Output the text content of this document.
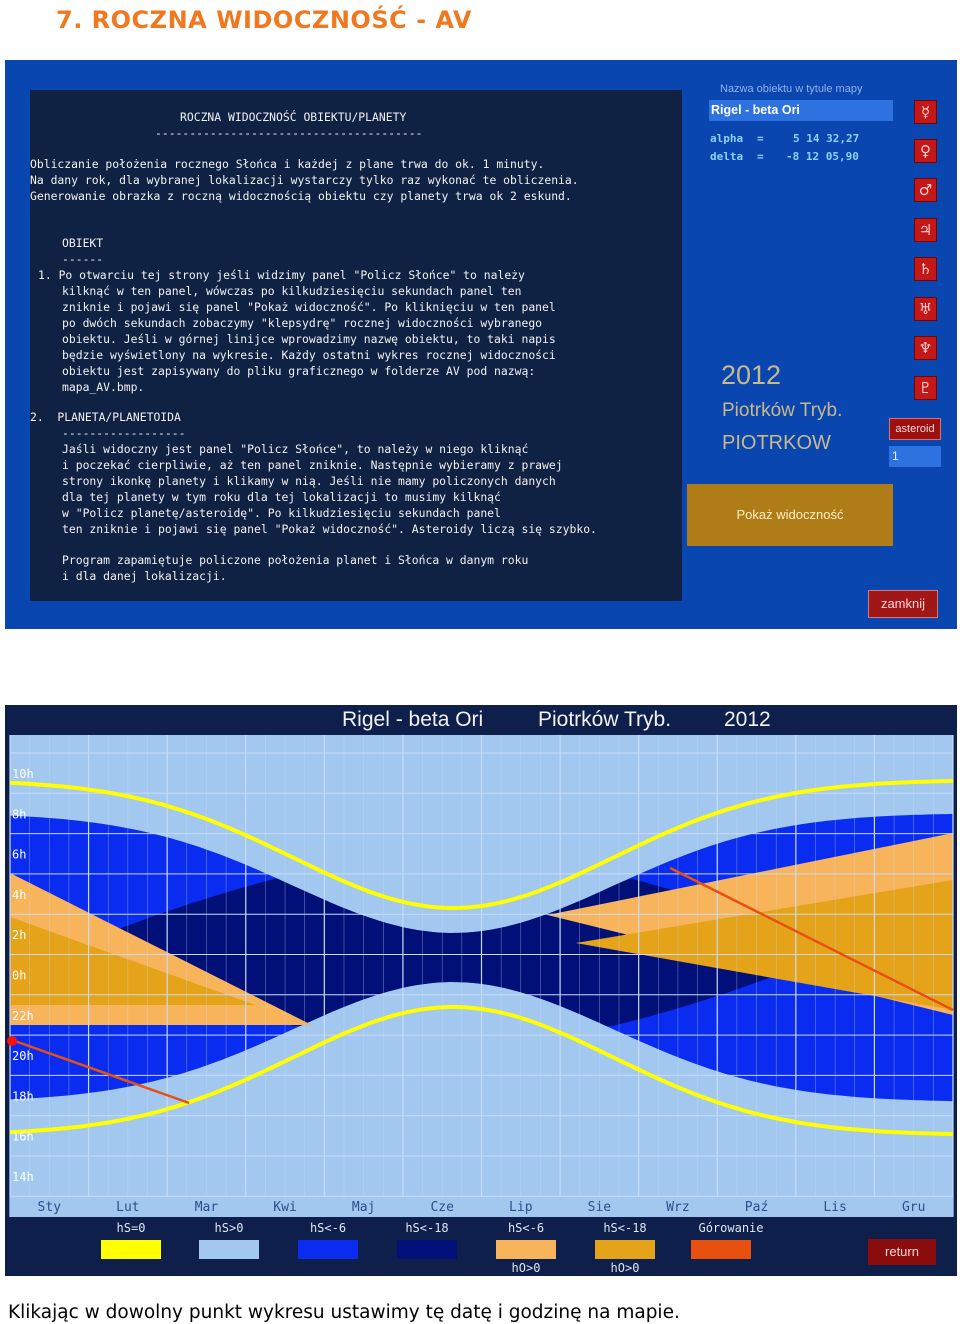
7. ROCZNA WIDOCZNOŚĆ - AV
ROCZNA WIDOCZNOŚĆ OBIEKTU/PLANETY
---------------------------------------
Obliczanie położenia rocznego Słońca i każdej z plane trwa do ok. 1 minuty.
Na dany rok, dla wybranej lokalizacji wystarczy tylko raz wykonać te obliczenia.
Generowanie obrazka z roczną widocznością obiektu czy planety trwa ok 2 eskund.
OBIEKT
------
1. Po otwarciu tej strony jeśli widzimy panel "Policz Słońce" to należy
kilknąć w ten panel, wówczas po kilkudziesięciu sekundach panel ten
zniknie i pojawi się panel "Pokaż widoczność". Po kliknięciu w ten panel
po dwóch sekundach zobaczymy "klepsydrę" rocznej widoczności wybranego
obiektu. Jeśli w górnej linijce wprowadzimy nazwę obiektu, to taki napis
będzie wyświetlony na wykresie. Każdy ostatni wykres rocznej widoczności
obiektu jest zapisywany do pliku graficznego w folderze AV pod nazwą:
mapa_AV.bmp.
2.  PLANETA/PLANETOIDA
------------------
Jaśli widoczny jest panel "Policz Słońce", to należy w niego kliknąć
i poczekać cierpliwie, aż ten panel zniknie. Następnie wybieramy z prawej
strony ikonkę planety i klikamy w nią. Jeśli nie mamy policzonych danych
dla tej planety w tym roku dla tej lokalizacji to musimy kilknąć
w "Policz planetę/asteroidę". Po kilkudziesięciu sekundach panel
ten zniknie i pojawi się panel "Pokaż widoczność". Asteroidy liczą się szybko.
Program zapamiętuje policzone położenia planet i Słońca w danym roku
i dla danej lokalizacji.
Nazwa obiektu w tytule mapy
Rigel - beta Ori
alpha =	5 14 32,27
delta = -8 12 05,90
☿
♀
♂
♃
♄
♅
♆
♇
2012
Piotrków Tryb.
PIOTRKOW
asteroid
1
Pokaż widoczność
zamknij
Rigel - beta Ori	Piotrków Tryb.	2012
10h
8h
6h
4h
2h
0h
22h
20h
18h
16h
14h
Sty	Lut	Mar	Kwi	Maj	Cze	Lip	Sie	Wrz	Paź	Lis	Gru
hS=0	hS>0	hS<-6	hS<-18	hS<-6
hO>0
hS<-18
hO>0
Górowanie
return
Klikając w dowolny punkt wykresu ustawimy tę datę i godzinę na mapie.
